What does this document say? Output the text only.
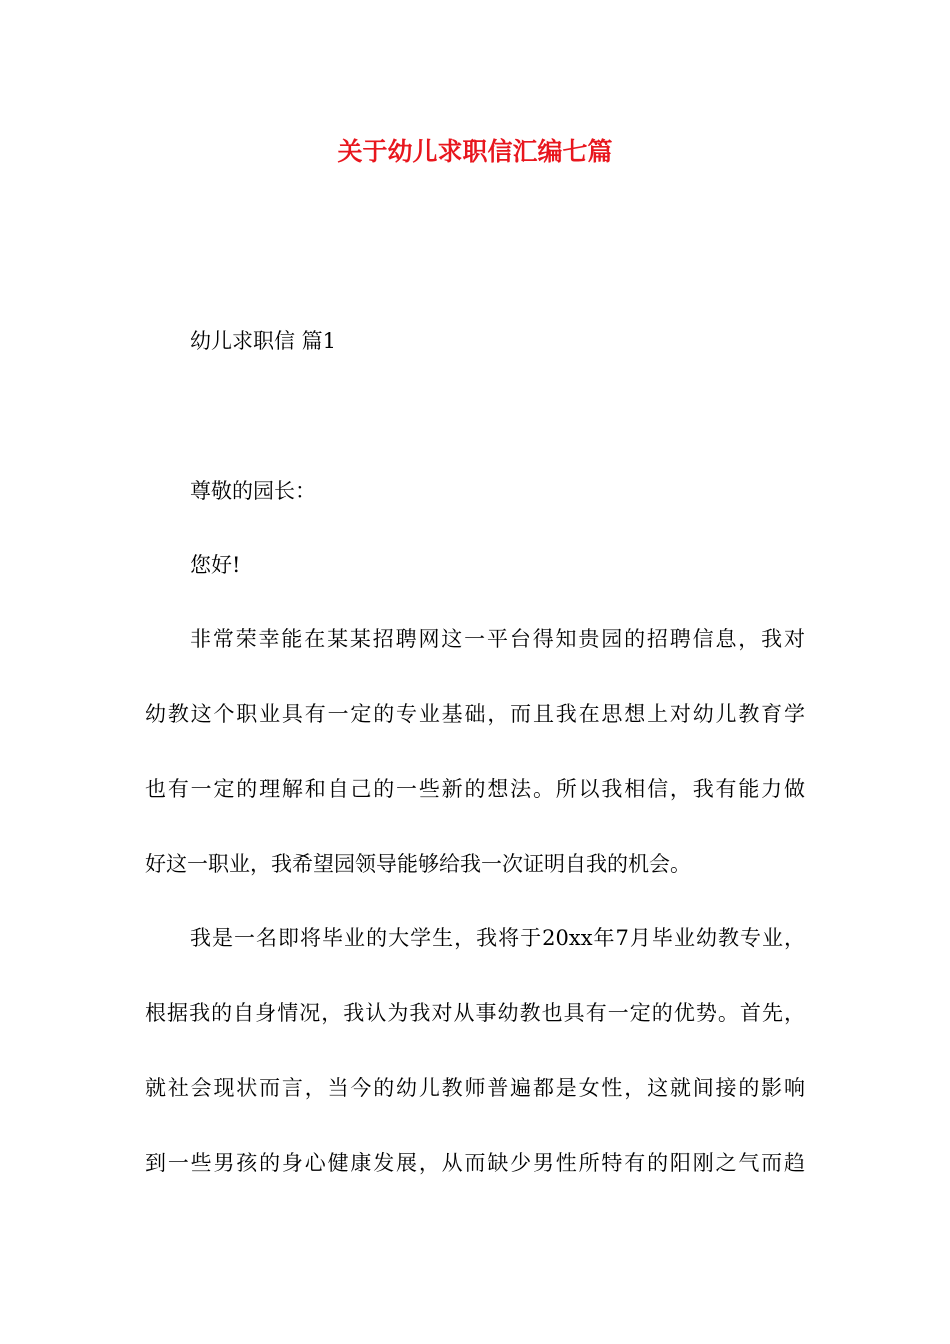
关于幼儿求职信汇编七篇
幼儿求职信 篇1
尊敬的园长：
您好!
非常荣幸能在某某招聘网这一平台得知贵园的招聘信息，我对
幼教这个职业具有一定的专业基础，而且我在思想上对幼儿教育学
也有一定的理解和自己的一些新的想法。所以我相信，我有能力做
好这一职业，我希望园领导能够给我一次证明自我的机会。
我是一名即将毕业的大学生，我将于20xx年7月毕业幼教专业，
根据我的自身情况，我认为我对从事幼教也具有一定的优势。首先，
就社会现状而言，当今的幼儿教师普遍都是女性，这就间接的影响
到一些男孩的身心健康发展，从而缺少男性所特有的阳刚之气而趋
